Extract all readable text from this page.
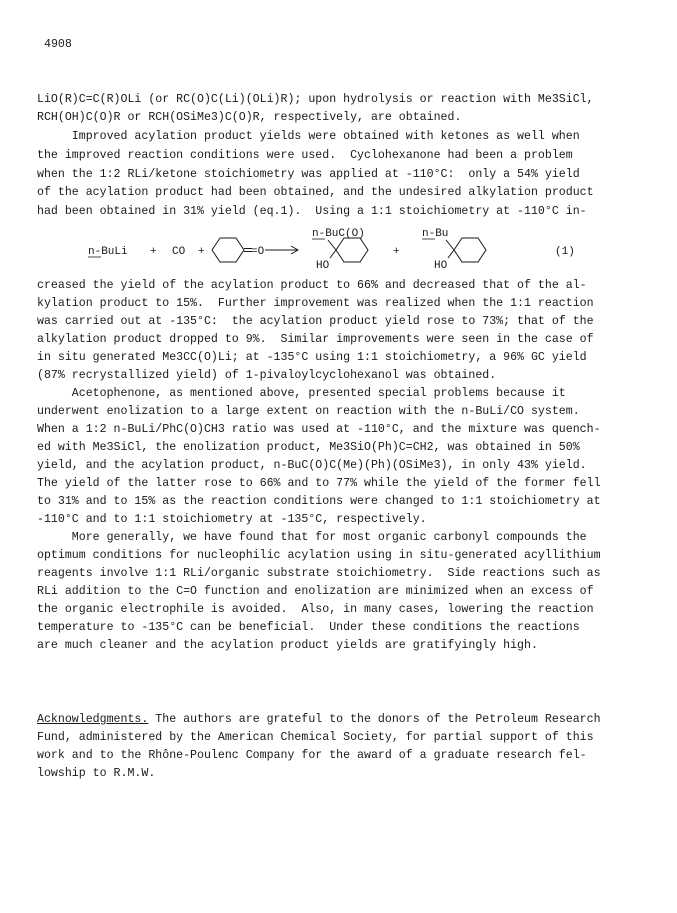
4908
LiO(R)C=C(R)OLi (or RC(O)C(Li)(OLi)R); upon hydrolysis or reaction with Me3SiCl,
RCH(OH)C(O)R or RCH(OSiMe3)C(O)R, respectively, are obtained.
Improved acylation product yields were obtained with ketones as well when
the improved reaction conditions were used.  Cyclohexanone had been a problem
when the 1:2 RLi/ketone stoichiometry was applied at -110°C:  only a 54% yield
of the acylation product had been obtained, and the undesired alkylation product
had been obtained in 31% yield (eq.1).  Using a 1:1 stoichiometry at -110°C in-
n-BuLi + CO +	=O
n-BuC(O)
HO
+
n-Bu
HO
(1)
creased the yield of the acylation product to 66% and decreased that of the al-
kylation product to 15%.  Further improvement was realized when the 1:1 reaction
was carried out at -135°C:  the acylation product yield rose to 73%; that of the
alkylation product dropped to 9%.  Similar improvements were seen in the case of
in situ generated Me3CC(O)Li; at -135°C using 1:1 stoichiometry, a 96% GC yield
(87% recrystallized yield) of 1-pivaloylcyclohexanol was obtained.
Acetophenone, as mentioned above, presented special problems because it
underwent enolization to a large extent on reaction with the n-BuLi/CO system.
When a 1:2 n-BuLi/PhC(O)CH3 ratio was used at -110°C, and the mixture was quench-
ed with Me3SiCl, the enolization product, Me3SiO(Ph)C=CH2, was obtained in 50%
yield, and the acylation product, n-BuC(O)C(Me)(Ph)(OSiMe3), in only 43% yield.
The yield of the latter rose to 66% and to 77% while the yield of the former fell
to 31% and to 15% as the reaction conditions were changed to 1:1 stoichiometry at
-110°C and to 1:1 stoichiometry at -135°C, respectively.
More generally, we have found that for most organic carbonyl compounds the
optimum conditions for nucleophilic acylation using in situ-generated acyllithium
reagents involve 1:1 RLi/organic substrate stoichiometry.  Side reactions such as
RLi addition to the C=O function and enolization are minimized when an excess of
the organic electrophile is avoided.  Also, in many cases, lowering the reaction
temperature to -135°C can be beneficial.  Under these conditions the reactions
are much cleaner and the acylation product yields are gratifyingly high.
Acknowledgments. The authors are grateful to the donors of the Petroleum Research
Fund, administered by the American Chemical Society, for partial support of this
work and to the Rhône-Poulenc Company for the award of a graduate research fel-
lowship to R.M.W.
